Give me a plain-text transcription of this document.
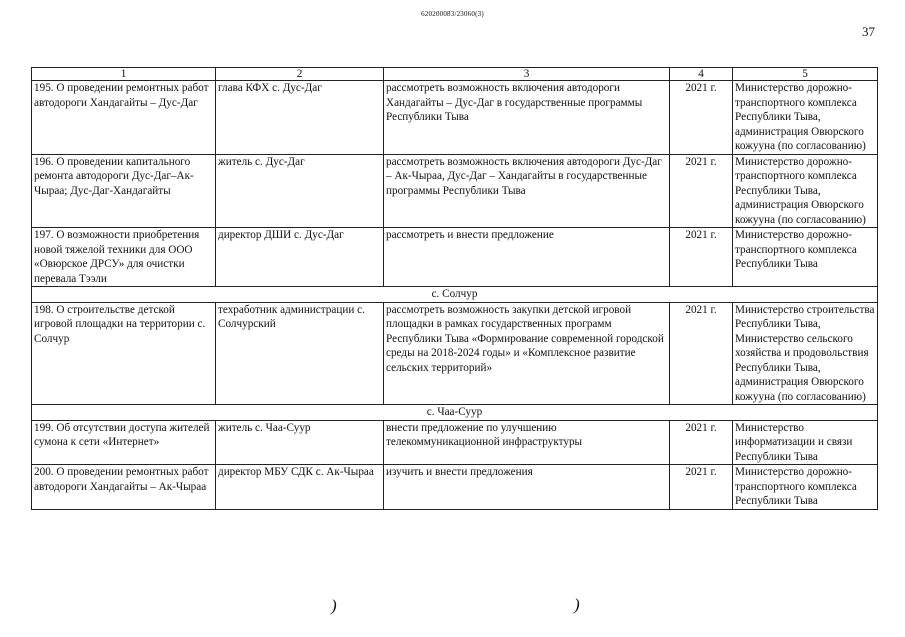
620200083/23060(3)
37
1	2	3	4	5
195. О проведении ремонтных работ автодороги Хандагайты – Дус-Даг	глава КФХ с. Дус-Даг	рассмотреть возможность включения автодороги Хандагайты – Дус-Даг в государственные программы Республики Тыва	2021 г.	Министерство дорожно-транспортного комплекса Республики Тыва, администрация Овюрского кожууна (по согласованию)
196. О проведении капитального ремонта автодороги Дус-Даг–Ак-Чыраа; Дус-Даг-Хандагайты	житель с. Дус-Даг	рассмотреть возможность включения автодороги Дус-Даг – Ак-Чыраа, Дус-Даг – Хандагайты в государственные программы Республики Тыва	2021 г.	Министерство дорожно-транспортного комплекса Республики Тыва, администрация Овюрского кожууна (по согласованию)
197. О возможности приобретения новой тяжелой техники для ООО «Овюрское ДРСУ» для очистки перевала Тээли	директор ДШИ с. Дус-Даг	рассмотреть и внести предложение	2021 г.	Министерство дорожно-транспортного комплекса Республики Тыва
с. Солчур				
198. О строительстве детской игровой площадки на территории с. Солчур	техработник администрации с. Солчурский	рассмотреть возможность закупки детской игровой площадки в рамках государственных программ Республики Тыва «Формирование современной городской среды на 2018-2024 годы» и «Комплексное развитие сельских территорий»	2021 г.	Министерство строительства Республики Тыва, Министерство сельского хозяйства и продовольствия Республики Тыва, администрация Овюрского кожууна (по согласованию)
с. Чаа-Суур				
199. Об отсутствии доступа жителей сумона к сети «Интернет»	житель с. Чаа-Суур	внести предложение по улучшению телекоммуникационной инфраструктуры	2021 г.	Министерство информатизации и связи Республики Тыва
200. О проведении ремонтных работ автодороги Хандагайты – Ак-Чыраа	директор МБУ СДК с. Ак-Чыраа	изучить и внести предложения	2021 г.	Министерство дорожно-транспортного комплекса Республики Тыва
)	)
